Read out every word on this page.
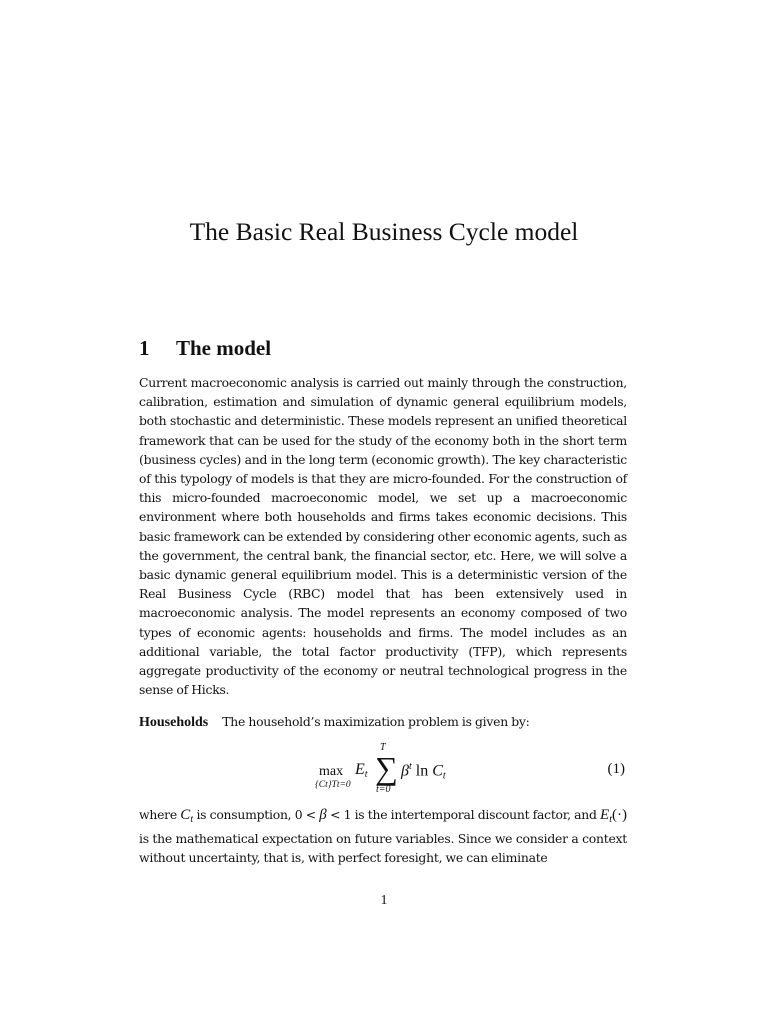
The Basic Real Business Cycle model
1 The model

Current macroeconomic analysis is carried out mainly through the construction, calibration, estimation and simulation of dynamic general equilibrium models, both stochastic and deterministic. These models represent an unified theoretical framework that can be used for the study of the economy both in the short term (business cycles) and in the long term (economic growth). The key characteristic of this typology of models is that they are micro-founded. For the construction of this micro-founded macroeconomic model, we set up a macroeconomic environment where both households and firms takes economic decisions. This basic framework can be extended by considering other economic agents, such as the government, the central bank, the financial sector, etc. Here, we will solve a basic dynamic general equilibrium model. This is a deterministic version of the Real Business Cycle (RBC) model that has been extensively used in macroeconomic analysis. The model represents an economy composed of two types of economic agents: households and firms. The model includes as an additional variable, the total factor productivity (TFP), which represents aggregate productivity of the economy or neutral technological progress in the sense of Hicks.

Households The household’s maximization problem is given by:

max
{Ct}Tt=0
$E_t$
T
∑
t=0
$\beta^t$ $\ln C_t$	(1)

where $C_t$ is consumption, 0 < β < 1 is the intertemporal discount factor, and $E_t(\cdot)$ is the mathematical expectation on future variables. Since we consider a context without uncertainty, that is, with perfect foresight, we can eliminate

1
